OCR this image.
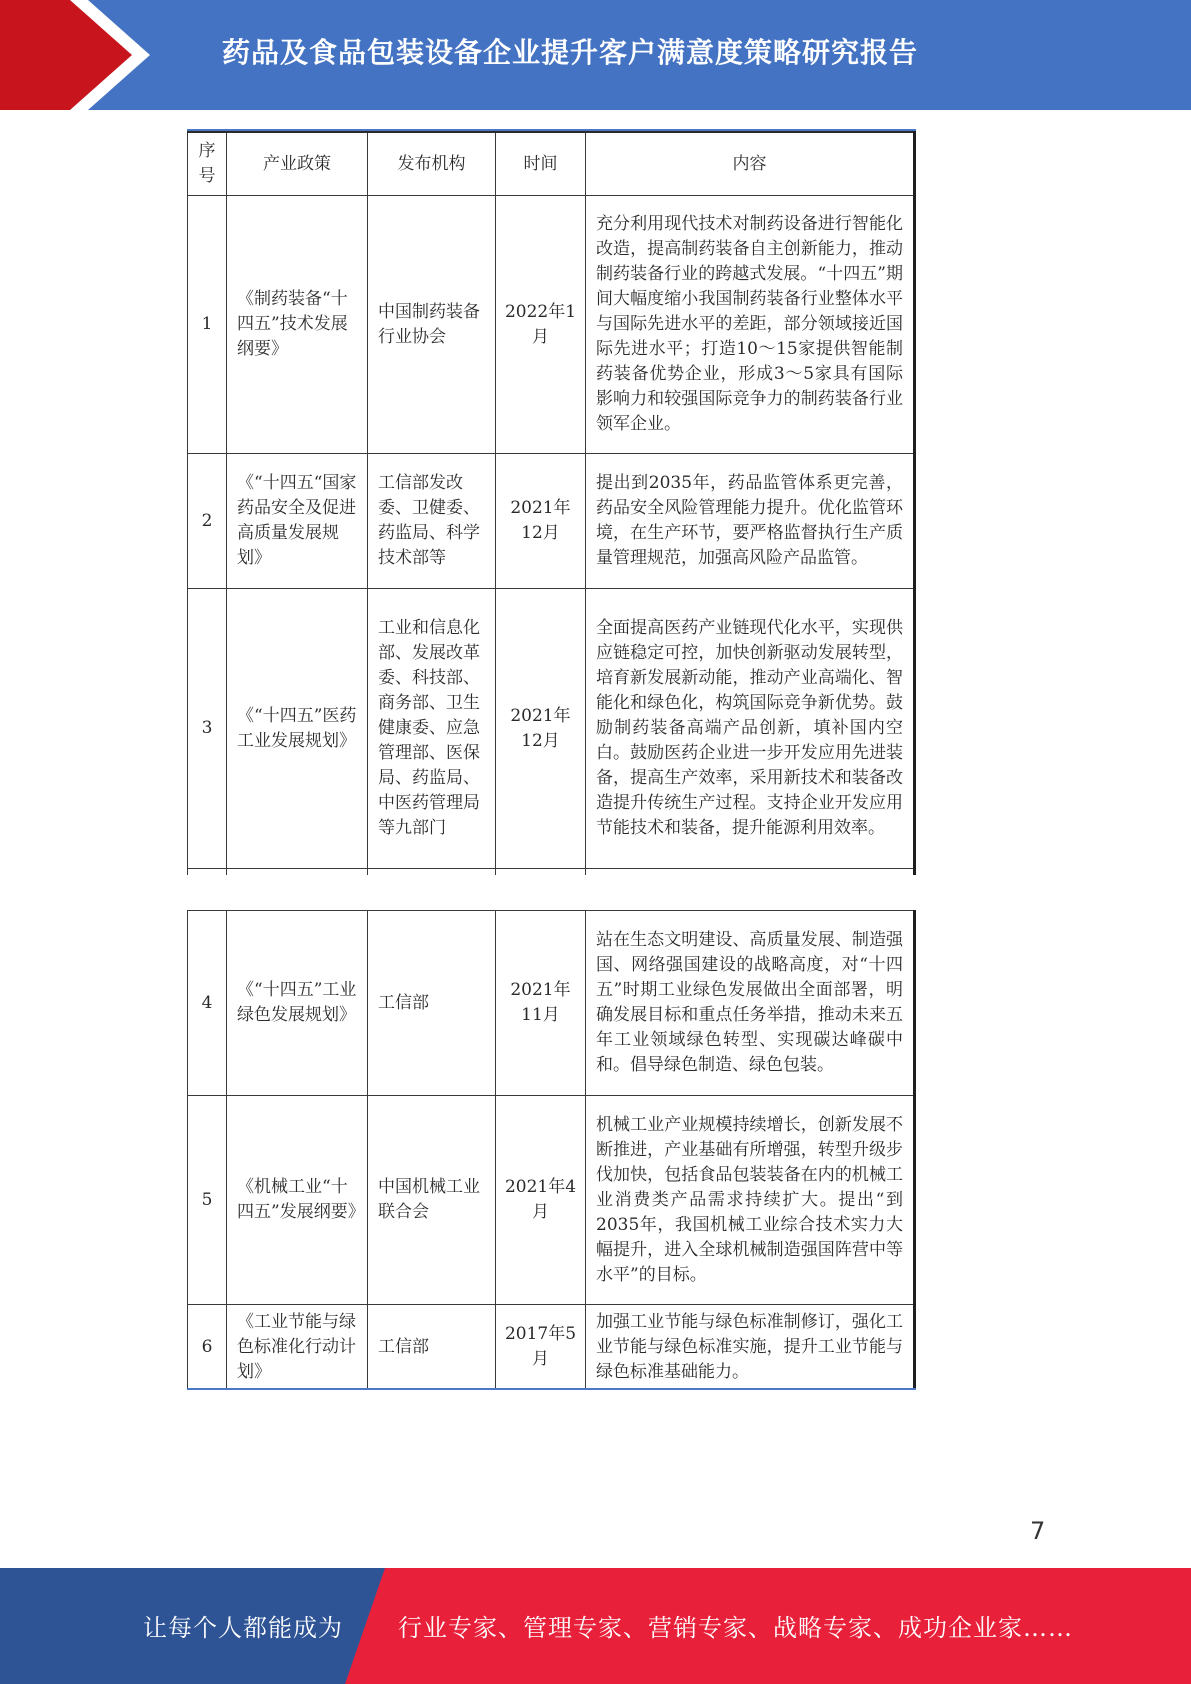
药品及食品包装设备企业提升客户满意度策略研究报告
序号	产业政策	发布机构	时间	内容
1	《制药装备“十四五”技术发展纲要》	中国制药装备行业协会	2022年1月	充分利用现代技术对制药设备进行智能化改造，提高制药装备自主创新能力，推动制药装备行业的跨越式发展。“十四五”期间大幅度缩小我国制药装备行业整体水平与国际先进水平的差距，部分领域接近国际先进水平；打造10～15家提供智能制药装备优势企业，形成3～5家具有国际影响力和较强国际竞争力的制药装备行业领军企业。
2	《“十四五“国家药品安全及促进高质量发展规划》	工信部发改委、卫健委、药监局、科学技术部等	2021年12月	提出到2035年，药品监管体系更完善，药品安全风险管理能力提升。优化监管环境，在生产环节，要严格监督执行生产质量管理规范，加强高风险产品监管。
3	《“十四五”医药工业发展规划》	工业和信息化部、发展改革委、科技部、商务部、卫生健康委、应急管理部、医保局、药监局、中医药管理局等九部门	2021年12月	全面提高医药产业链现代化水平，实现供应链稳定可控，加快创新驱动发展转型，培育新发展新动能，推动产业高端化、智能化和绿色化，构筑国际竞争新优势。鼓励制药装备高端产品创新，填补国内空白。鼓励医药企业进一步开发应用先进装备，提高生产效率，采用新技术和装备改造提升传统生产过程。支持企业开发应用节能技术和装备，提升能源利用效率。

4	《“十四五”工业绿色发展规划》	工信部	2021年11月	站在生态文明建设、高质量发展、制造强国、网络强国建设的战略高度，对“十四五”时期工业绿色发展做出全面部署，明确发展目标和重点任务举措，推动未来五年工业领域绿色转型、实现碳达峰碳中和。倡导绿色制造、绿色包装。
5	《机械工业“十四五”发展纲要》	中国机械工业联合会	2021年4月	机械工业产业规模持续增长，创新发展不断推进，产业基础有所增强，转型升级步伐加快，包括食品包装装备在内的机械工业消费类产品需求持续扩大。提出“到2035年，我国机械工业综合技术实力大幅提升，进入全球机械制造强国阵营中等水平”的目标。
6	《工业节能与绿色标准化行动计划》	工信部	2017年5月	加强工业节能与绿色标准制修订，强化工业节能与绿色标准实施，提升工业节能与绿色标准基础能力。
7
让每个人都能成为 行业专家、管理专家、营销专家、战略专家、成功企业家……
